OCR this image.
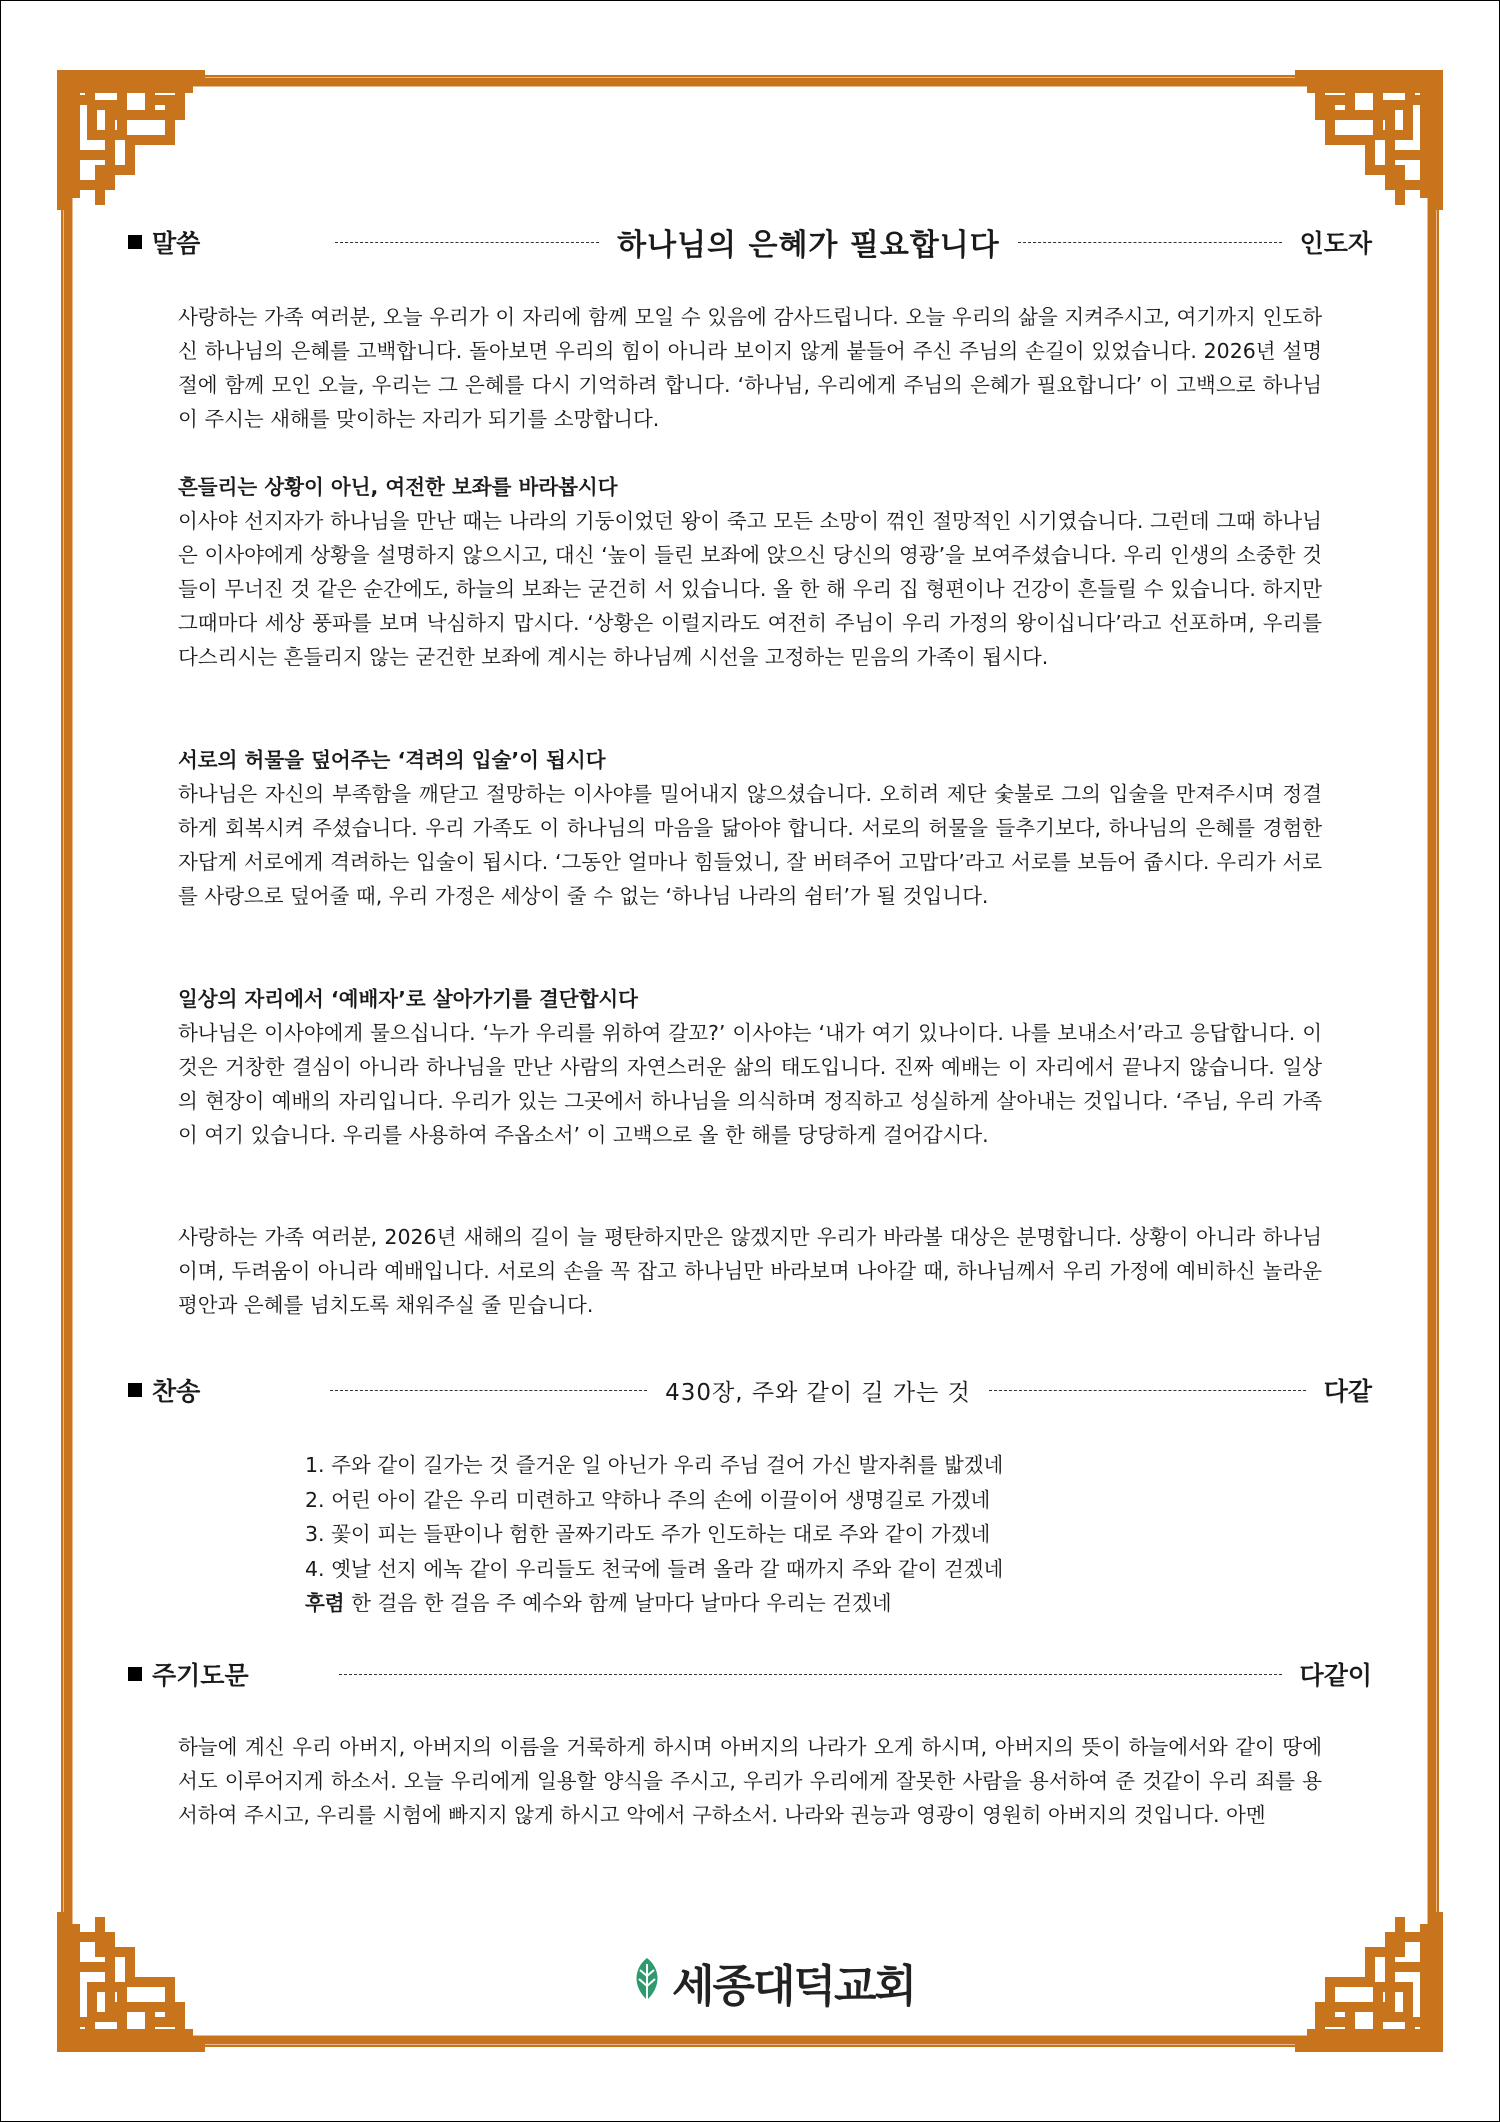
말씀	하나님의 은혜가 필요합니다	인도자

사랑하는 가족 여러분, 오늘 우리가 이 자리에 함께 모일 수 있음에 감사드립니다. 오늘 우리의 삶을 지켜주시고, 여기까지 인도하신 하나님의 은혜를 고백합니다. 돌아보면 우리의 힘이 아니라 보이지 않게 붙들어 주신 주님의 손길이 있었습니다. 2026년 설명절에 함께 모인 오늘, 우리는 그 은혜를 다시 기억하려 합니다. ‘하나님, 우리에게 주님의 은혜가 필요합니다’ 이 고백으로 하나님이 주시는 새해를 맞이하는 자리가 되기를 소망합니다.

흔들리는 상황이 아닌, 여전한 보좌를 바라봅시다

이사야 선지자가 하나님을 만난 때는 나라의 기둥이었던 왕이 죽고 모든 소망이 꺾인 절망적인 시기였습니다. 그런데 그때 하나님은 이사야에게 상황을 설명하지 않으시고, 대신 ‘높이 들린 보좌에 앉으신 당신의 영광’을 보여주셨습니다. 우리 인생의 소중한 것들이 무너진 것 같은 순간에도, 하늘의 보좌는 굳건히 서 있습니다. 올 한 해 우리 집 형편이나 건강이 흔들릴 수 있습니다. 하지만 그때마다 세상 풍파를 보며 낙심하지 맙시다. ‘상황은 이럴지라도 여전히 주님이 우리 가정의 왕이십니다’라고 선포하며, 우리를 다스리시는 흔들리지 않는 굳건한 보좌에 계시는 하나님께 시선을 고정하는 믿음의 가족이 됩시다.

서로의 허물을 덮어주는 ‘격려의 입술’이 됩시다

하나님은 자신의 부족함을 깨닫고 절망하는 이사야를 밀어내지 않으셨습니다. 오히려 제단 숯불로 그의 입술을 만져주시며 정결하게 회복시켜 주셨습니다. 우리 가족도 이 하나님의 마음을 닮아야 합니다. 서로의 허물을 들추기보다, 하나님의 은혜를 경험한 자답게 서로에게 격려하는 입술이 됩시다. ‘그동안 얼마나 힘들었니, 잘 버텨주어 고맙다’라고 서로를 보듬어 줍시다. 우리가 서로를 사랑으로 덮어줄 때, 우리 가정은 세상이 줄 수 없는 ‘하나님 나라의 쉼터’가 될 것입니다.

일상의 자리에서 ‘예배자’로 살아가기를 결단합시다

하나님은 이사야에게 물으십니다. ‘누가 우리를 위하여 갈꼬?’ 이사야는 ‘내가 여기 있나이다. 나를 보내소서’라고 응답합니다. 이것은 거창한 결심이 아니라 하나님을 만난 사람의 자연스러운 삶의 태도입니다. 진짜 예배는 이 자리에서 끝나지 않습니다. 일상의 현장이 예배의 자리입니다. 우리가 있는 그곳에서 하나님을 의식하며 정직하고 성실하게 살아내는 것입니다. ‘주님, 우리 가족이 여기 있습니다. 우리를 사용하여 주옵소서’ 이 고백으로 올 한 해를 당당하게 걸어갑시다.

사랑하는 가족 여러분, 2026년 새해의 길이 늘 평탄하지만은 않겠지만 우리가 바라볼 대상은 분명합니다. 상황이 아니라 하나님이며, 두려움이 아니라 예배입니다. 서로의 손을 꼭 잡고 하나님만 바라보며 나아갈 때, 하나님께서 우리 가정에 예비하신 놀라운 평안과 은혜를 넘치도록 채워주실 줄 믿습니다.

찬송	430장, 주와 같이 길 가는 것	다같
1. 주와 같이 길가는 것 즐거운 일 아닌가 우리 주님 걸어 가신 발자취를 밟겠네
2. 어린 아이 같은 우리 미련하고 약하나 주의 손에 이끌이어 생명길로 가겠네
3. 꽃이 피는 들판이나 험한 골짜기라도 주가 인도하는 대로 주와 같이 가겠네
4. 옛날 선지 에녹 같이 우리들도 천국에 들려 올라 갈 때까지 주와 같이 걷겠네
후렴 한 걸음 한 걸음 주 예수와 함께 날마다 날마다 우리는 걷겠네
주기도문	다같이

하늘에 계신 우리 아버지, 아버지의 이름을 거룩하게 하시며 아버지의 나라가 오게 하시며, 아버지의 뜻이 하늘에서와 같이 땅에서도 이루어지게 하소서. 오늘 우리에게 일용할 양식을 주시고, 우리가 우리에게 잘못한 사람을 용서하여 준 것같이 우리 죄를 용서하여 주시고, 우리를 시험에 빠지지 않게 하시고 악에서 구하소서. 나라와 권능과 영광이 영원히 아버지의 것입니다. 아멘

세종대덕교회
